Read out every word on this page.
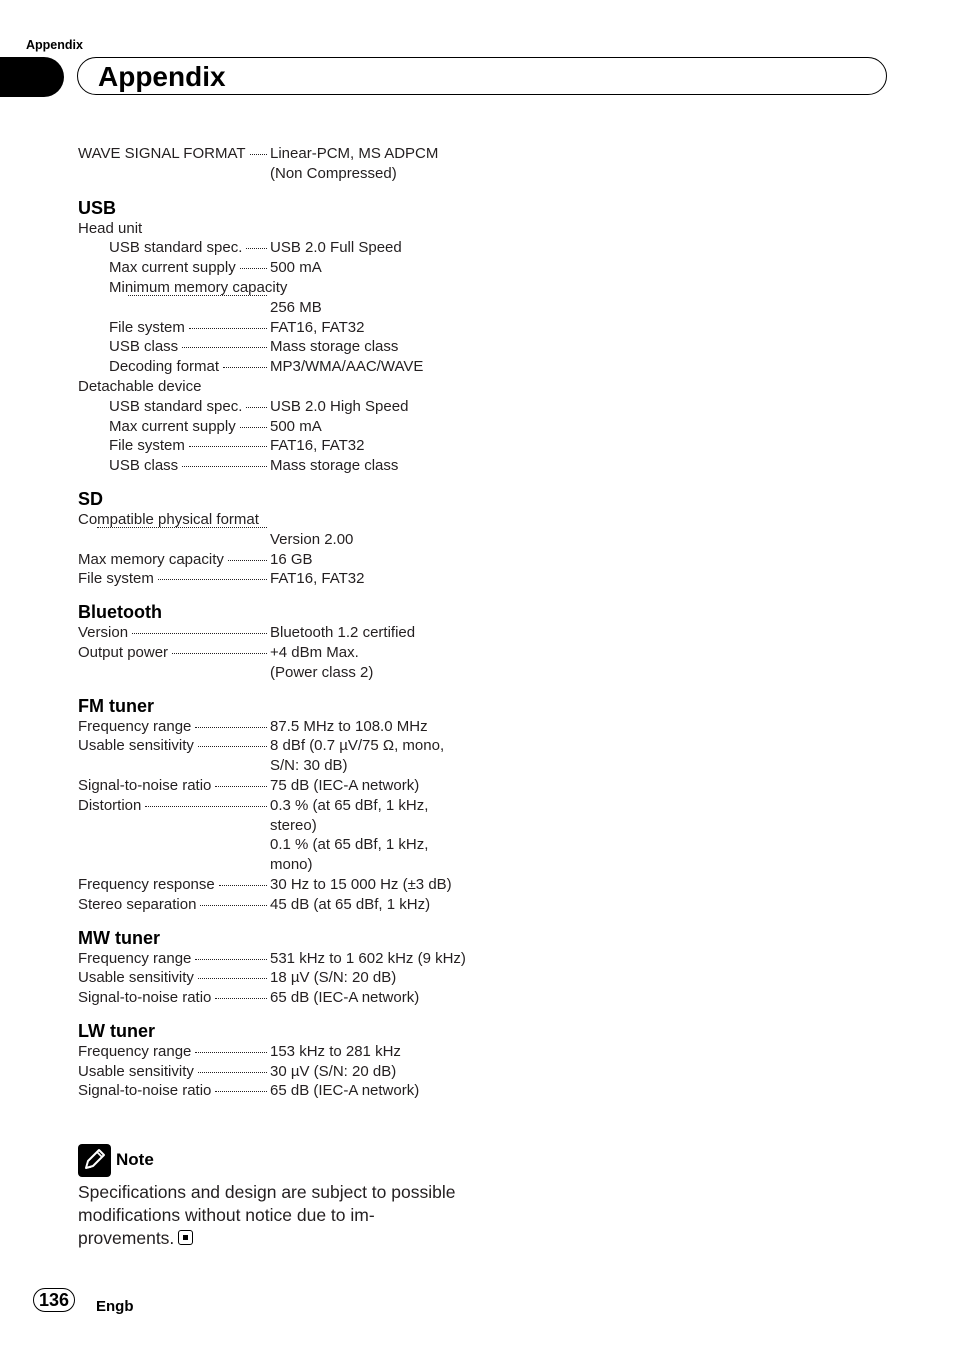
Appendix
Appendix
WAVE SIGNAL FORMAT Linear-PCM, MS ADPCM
(Non Compressed)
USB
Head unit
USB standard spec. USB 2.0 Full Speed
Max current supply 500 mA
Minimum memory capacity
256 MB
File system	FAT16, FAT32
USB class	Mass storage class
Decoding format	MP3/WMA/AAC/WAVE
Detachable device
USB standard spec. USB 2.0 High Speed
Max current supply 500 mA
File system	FAT16, FAT32
USB class	Mass storage class
SD
Compatible physical format
Version 2.00
Max memory capacity	16 GB
File system	FAT16, FAT32
Bluetooth
Version	Bluetooth 1.2 certified
Output power	+4 dBm Max.
(Power class 2)
FM tuner
Frequency range	87.5 MHz to 108.0 MHz
Usable sensitivity	8 dBf (0.7 µV/75 Ω, mono,
S/N: 30 dB)
Signal-to-noise ratio	75 dB (IEC-A network)
Distortion	0.3 % (at 65 dBf, 1 kHz,
stereo)
0.1 % (at 65 dBf, 1 kHz,
mono)
Frequency response	30 Hz to 15 000 Hz (±3 dB)
Stereo separation	45 dB (at 65 dBf, 1 kHz)
MW tuner
Frequency range	531 kHz to 1 602 kHz (9 kHz)
Usable sensitivity	18 µV (S/N: 20 dB)
Signal-to-noise ratio	65 dB (IEC-A network)
LW tuner
Frequency range	153 kHz to 281 kHz
Usable sensitivity	30 µV (S/N: 20 dB)
Signal-to-noise ratio	65 dB (IEC-A network)
Note
Specifications and design are subject to possible
modifications without notice due to im-
provements.
136	Engb
